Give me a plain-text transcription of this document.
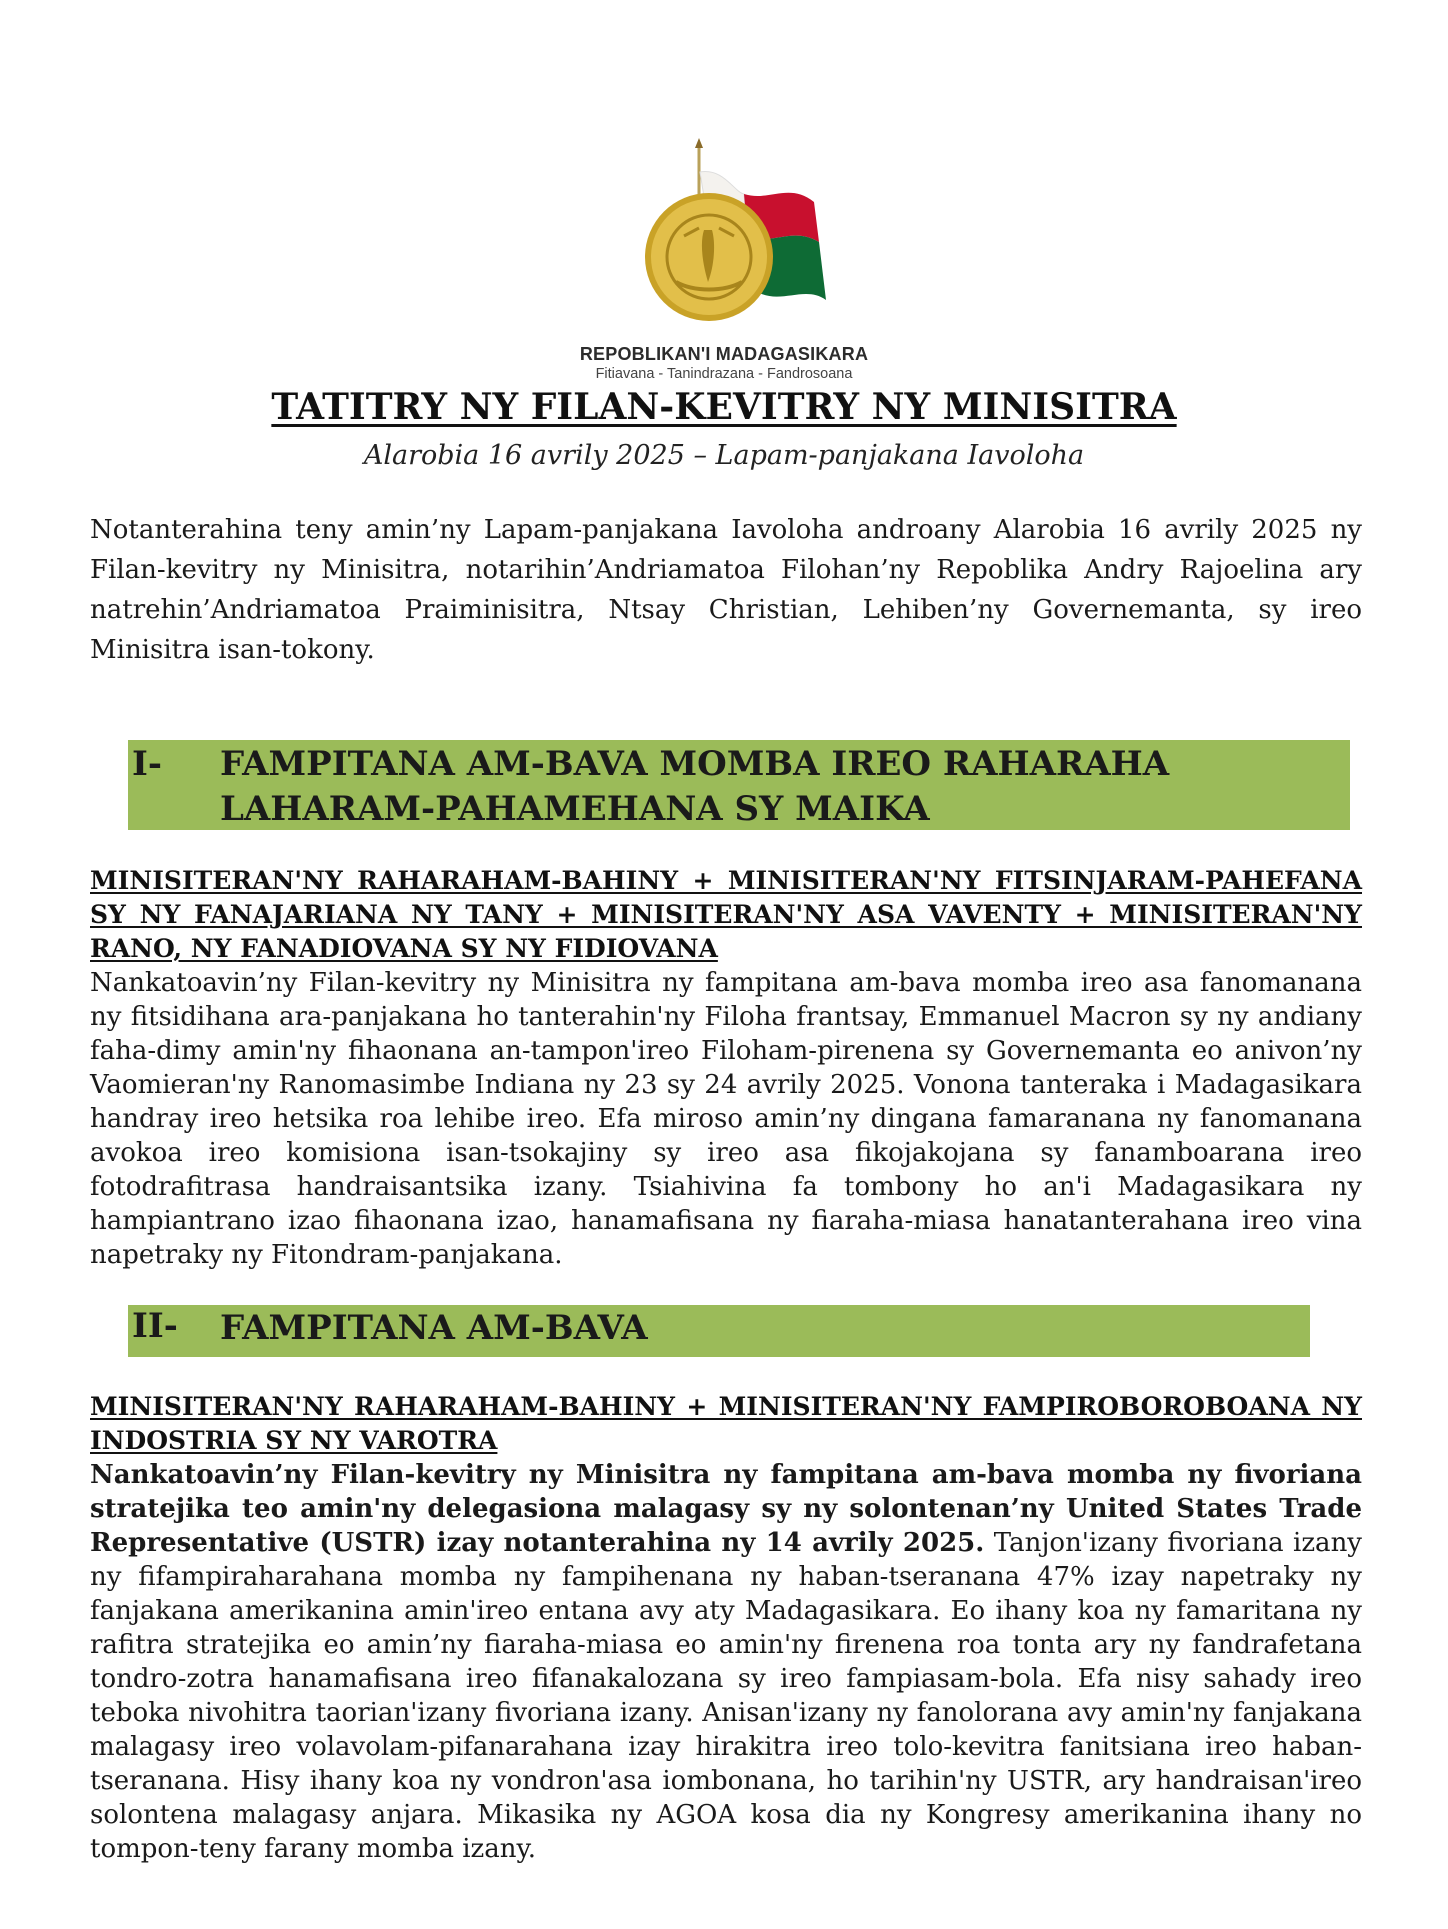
REPOBLIKAN'I MADAGASIKARA
Fitiavana - Tanindrazana - Fandrosoana
TATITRY NY FILAN-KEVITRY NY MINISITRA
Alarobia 16 avrily 2025 – Lapam-panjakana Iavoloha

Notanterahina teny amin’ny Lapam-panjakana Iavoloha androany Alarobia 16 avrily 2025 ny Filan-kevitry ny Minisitra, notarihin’Andriamatoa Filohan’ny Repoblika Andry Rajoelina ary natrehin’Andriamatoa Praiminisitra, Ntsay Christian, Lehiben’ny Governemanta, sy ireo Minisitra isan-tokony.

I- FAMPITANA AM-BAVA MOMBA IREO RAHARAHA
LAHARAM-PAHAMEHANA SY MAIKA

MINISITERAN'NY RAHARAHAM-BAHINY + MINISITERAN'NY FITSINJARAM-PAHEFANA SY NY FANAJARIANA NY TANY + MINISITERAN'NY ASA VAVENTY + MINISITERAN'NY RANO, NY FANADIOVANA SY NY FIDIOVANA

Nankatoavin’ny Filan-kevitry ny Minisitra ny fampitana am-bava momba ireo asa fanomanana ny fitsidihana ara-panjakana ho tanterahin'ny Filoha frantsay, Emmanuel Macron sy ny andiany faha-dimy amin'ny fihaonana an-tampon'ireo Filoham-pirenena sy Governemanta eo anivon’ny Vaomieran'ny Ranomasimbe Indiana ny 23 sy 24 avrily 2025. Vonona tanteraka i Madagasikara handray ireo hetsika roa lehibe ireo. Efa miroso amin’ny dingana famaranana ny fanomanana avokoa ireo komisiona isan-tsokajiny sy ireo asa fikojakojana sy fanamboarana ireo fotodrafitrasa handraisantsika izany. Tsiahivina fa tombony ho an'i Madagasikara ny hampiantrano izao fihaonana izao, hanamafisana ny fiaraha-miasa hanatanterahana ireo vina napetraky ny Fitondram-panjakana.

II- FAMPITANA AM-BAVA

MINISITERAN'NY RAHARAHAM-BAHINY + MINISITERAN'NY FAMPIROBOROBOANA NY INDOSTRIA SY NY VAROTRA

Nankatoavin’ny Filan-kevitry ny Minisitra ny fampitana am-bava momba ny fivoriana stratejika teo amin'ny delegasiona malagasy sy ny solontenan’ny United States Trade Representative (USTR) izay notanterahina ny 14 avrily 2025. Tanjon'izany fivoriana izany ny fifampiraharahana momba ny fampihenana ny haban-tseranana 47% izay napetraky ny fanjakana amerikanina amin'ireo entana avy aty Madagasikara. Eo ihany koa ny famaritana ny rafitra stratejika eo amin’ny fiaraha-miasa eo amin'ny firenena roa tonta ary ny fandrafetana tondro-zotra hanamafisana ireo fifanakalozana sy ireo fampiasam-bola. Efa nisy sahady ireo teboka nivohitra taorian'izany fivoriana izany. Anisan'izany ny fanolorana avy amin'ny fanjakana malagasy ireo volavolam-pifanarahana izay hirakitra ireo tolo-kevitra fanitsiana ireo haban-tseranana. Hisy ihany koa ny vondron'asa iombonana, ho tarihin'ny USTR, ary handraisan'ireo solontena malagasy anjara. Mikasika ny AGOA kosa dia ny Kongresy amerikanina ihany no tompon-teny farany momba izany.
